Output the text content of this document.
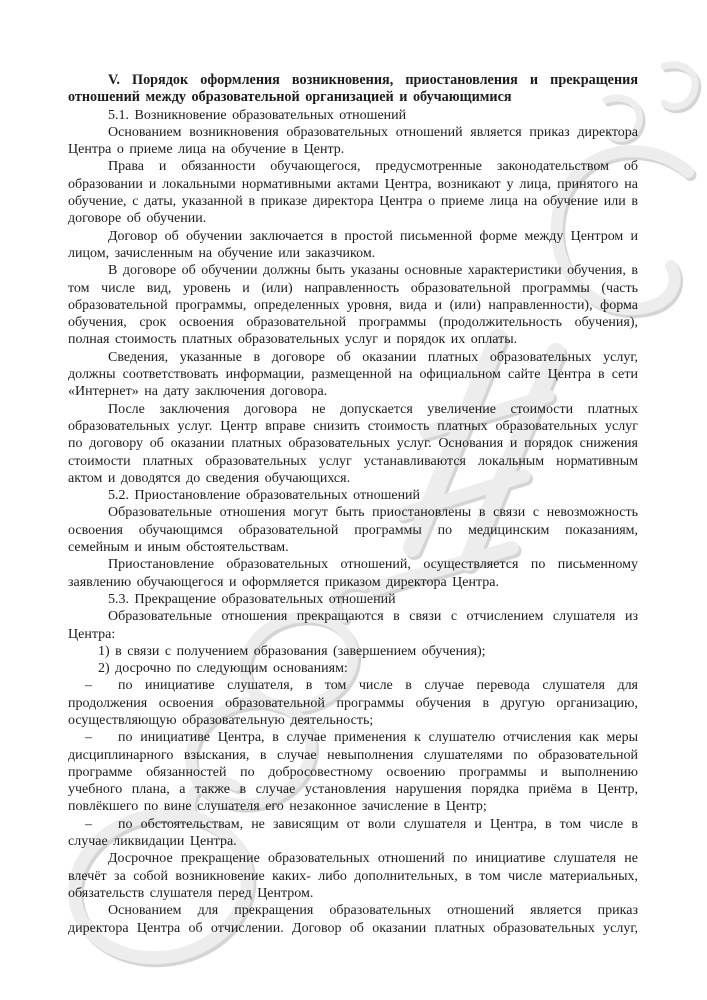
V. Порядок оформления возникновения, приостановления и прекращения отношений между образовательной организацией и обучающимися

5.1. Возникновение образовательных отношений

Основанием возникновения образовательных отношений является приказ директора Центра о приеме лица на обучение в Центр.

Права и обязанности обучающегося, предусмотренные законодательством об образовании и локальными нормативными актами Центра, возникают у лица, принятого на обучение, с даты, указанной в приказе директора Центра о приеме лица на обучение или в договоре об обучении.

Договор об обучении заключается в простой письменной форме между Центром и лицом, зачисленным на обучение или заказчиком.

В договоре об обучении должны быть указаны основные характеристики обучения, в том числе вид, уровень и (или) направленность образовательной программы (часть образовательной программы, определенных уровня, вида и (или) направленности), форма обучения, срок освоения образовательной программы (продолжительность обучения), полная стоимость платных образовательных услуг и порядок их оплаты.

Сведения, указанные в договоре об оказании платных образовательных услуг, должны соответствовать информации, размещенной на официальном сайте Центра в сети «Интернет» на дату заключения договора.

После заключения договора не допускается увеличение стоимости платных образовательных услуг. Центр вправе снизить стоимость платных образовательных услуг по договору об оказании платных образовательных услуг. Основания и порядок снижения стоимости платных образовательных услуг устанавливаются локальным нормативным актом и доводятся до сведения обучающихся.

5.2. Приостановление образовательных отношений

Образовательные отношения могут быть приостановлены в связи с невозможность освоения обучающимся образовательной программы по медицинским показаниям, семейным и иным обстоятельствам.

Приостановление образовательных отношений, осуществляется по письменному заявлению обучающегося и оформляется приказом директора Центра.

5.3. Прекращение образовательных отношений

Образовательные отношения прекращаются в связи с отчислением слушателя из Центра:

1) в связи с получением образования (завершением обучения);

2) досрочно по следующим основаниям:

– по инициативе слушателя, в том числе в случае перевода слушателя для продолжения освоения образовательной программы обучения в другую организацию, осуществляющую образовательную деятельность;

– по инициативе Центра, в случае применения к слушателю отчисления как меры дисциплинарного взыскания, в случае невыполнения слушателями по образовательной программе обязанностей по добросовестному освоению программы и выполнению учебного плана, а также в случае установления нарушения порядка приёма в Центр, повлёкшего по вине слушателя его незаконное зачисление в Центр;

– по обстоятельствам, не зависящим от воли слушателя и Центра, в том числе в случае ликвидации Центра.

Досрочное прекращение образовательных отношений по инициативе слушателя не влечёт за собой возникновение каких- либо дополнительных, в том числе материальных, обязательств слушателя перед Центром.

Основанием для прекращения образовательных отношений является приказ директора Центра об отчислении. Договор об оказании платных образовательных услуг,
